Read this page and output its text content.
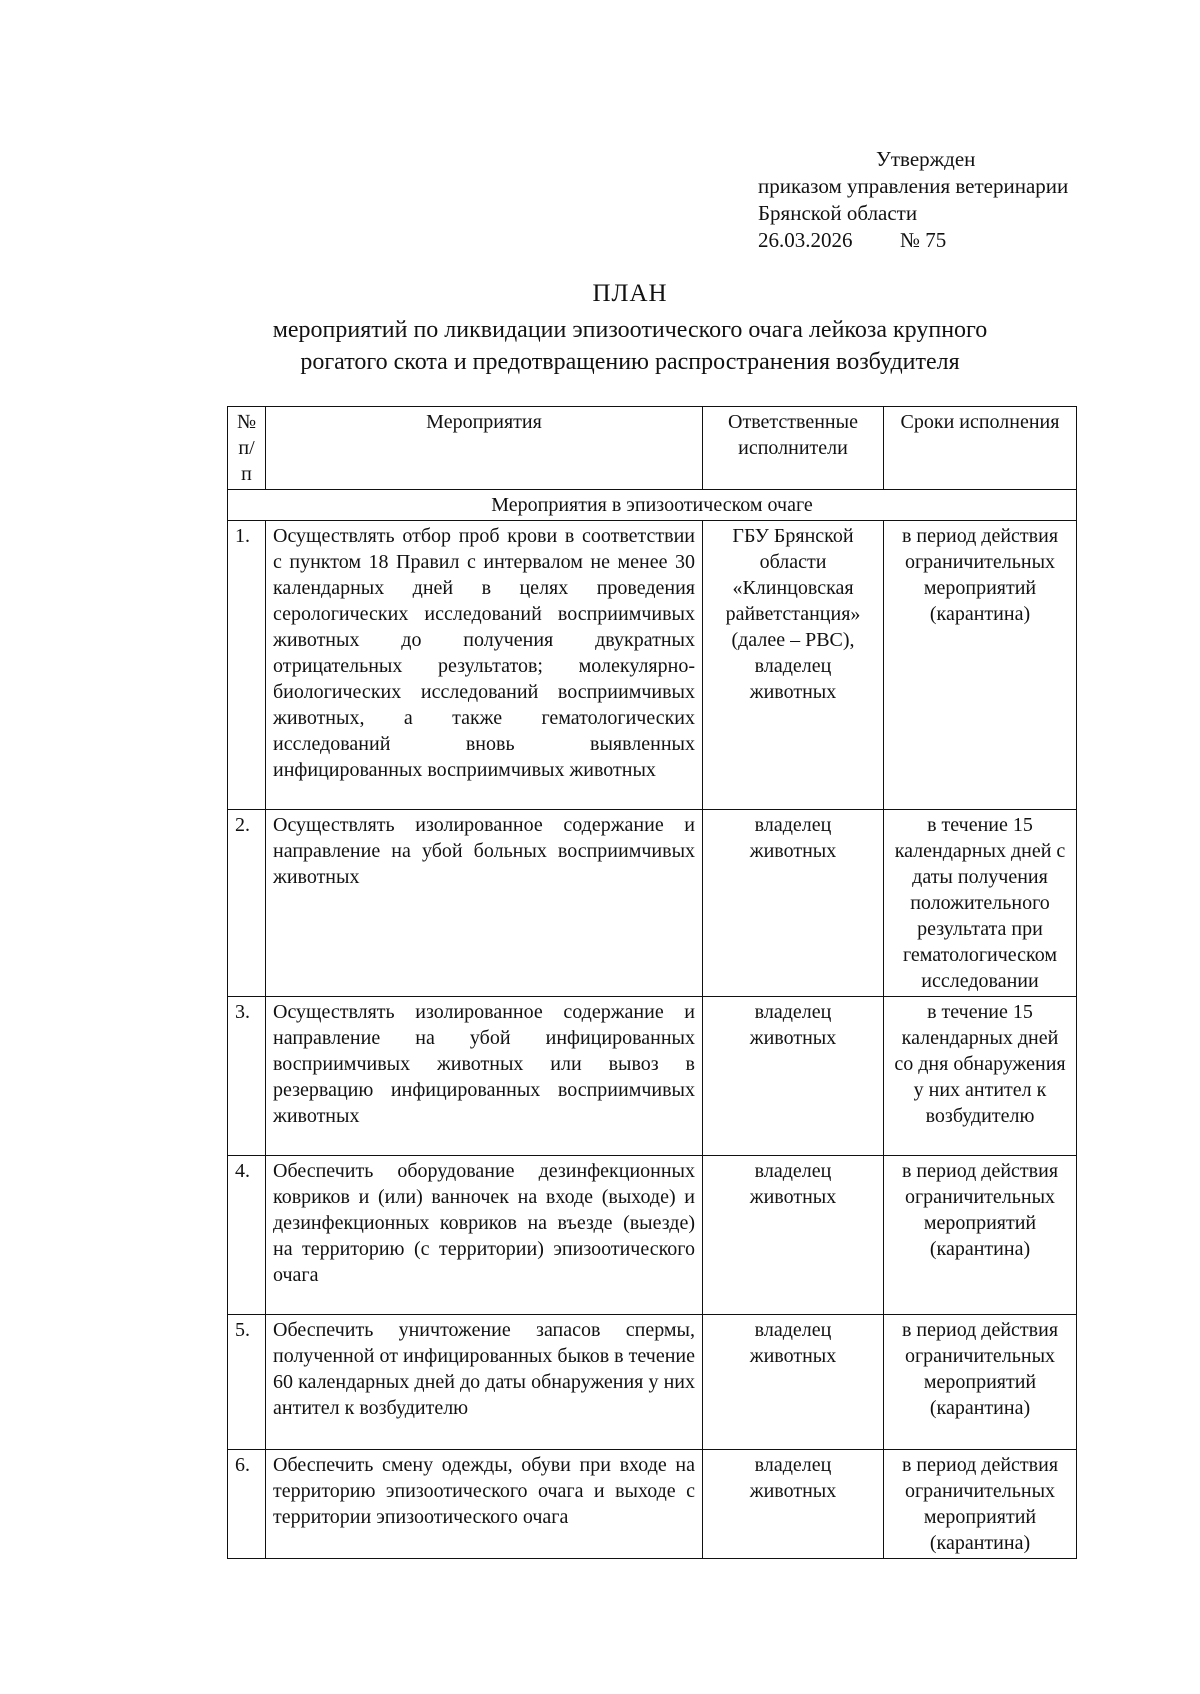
Утвержден
приказом управления ветеринарии
Брянской области
26.03.2026 № 75
ПЛАН
мероприятий по ликвидации эпизоотического очага лейкоза крупного
рогатого скота и предотвращению распространения возбудителя
№ п/п	Мероприятия	Ответственные исполнители	Сроки исполнения
Мероприятия в эпизоотическом очаге			
1.	Осуществлять отбор проб крови в соответствии с пунктом 18 Правил с интервалом не менее 30 календарных дней в целях проведения серологических исследований восприимчивых животных до получения двукратных отрицательных результатов; молекулярно-биологических исследований восприимчивых животных, а также гематологических исследований вновь выявленных инфицированных восприимчивых животных	ГБУ Брянской области «Клинцовская райветстанция» (далее – РВС), владелец животных	в период действия ограничительных мероприятий (карантина)
2.	Осуществлять изолированное содержание и направление на убой больных восприимчивых животных	владелец животных	в течение 15 календарных дней с даты получения положительного результата при гематологическом исследовании
3.	Осуществлять изолированное содержание и направление на убой инфицированных восприимчивых животных или вывоз в резервацию инфицированных восприимчивых животных	владелец животных	в течение 15 календарных дней со дня обнаружения у них антител к возбудителю
4.	Обеспечить оборудование дезинфекционных ковриков и (или) ванночек на входе (выходе) и дезинфекционных ковриков на въезде (выезде) на территорию (с территории) эпизоотического очага	владелец животных	в период действия ограничительных мероприятий (карантина)
5.	Обеспечить уничтожение запасов спермы, полученной от инфицированных быков в течение 60 календарных дней до даты обнаружения у них антител к возбудителю	владелец животных	в период действия ограничительных мероприятий (карантина)
6.	Обеспечить смену одежды, обуви при входе на территорию эпизоотического очага и выходе с территории эпизоотического очага	владелец животных	в период действия ограничительных мероприятий (карантина)
